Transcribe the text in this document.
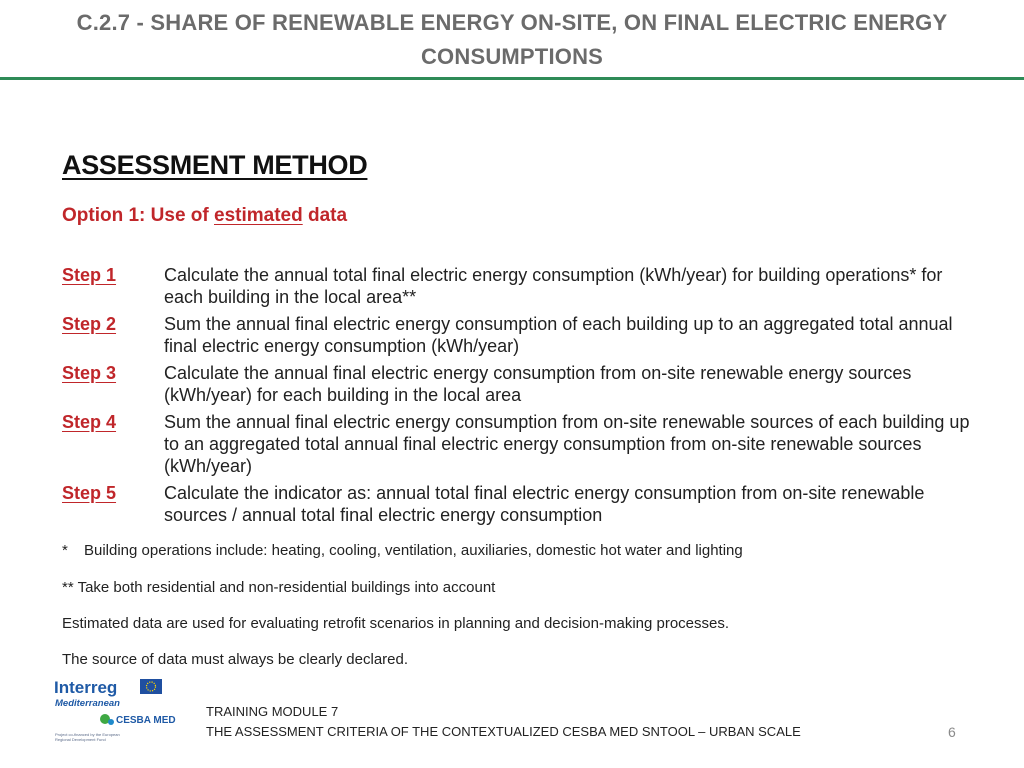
C.2.7 - SHARE OF RENEWABLE ENERGY ON-SITE, ON FINAL ELECTRIC ENERGY CONSUMPTIONS
ASSESSMENT METHOD
Option 1: Use of estimated data
Step 1	Calculate the annual total final electric energy consumption (kWh/year) for building operations* for each building in the local area**
Step 2	Sum the annual final electric energy consumption of each building up to an aggregated total annual final electric energy consumption (kWh/year)
Step 3	Calculate the annual final electric energy consumption from on-site renewable energy sources (kWh/year) for each building in the local area
Step 4	Sum the annual final electric energy consumption from on-site renewable sources of each building up to an aggregated total annual final electric energy consumption from on-site renewable sources (kWh/year)
Step 5	Calculate the indicator as: annual total final electric energy consumption from on-site renewable sources / annual total final electric energy consumption
* Building operations include: heating, cooling, ventilation, auxiliaries, domestic hot water and lighting
** Take both residential and non-residential buildings into account
Estimated data are used for evaluating retrofit scenarios in planning and decision-making processes.
The source of data must always be clearly declared.
Interreg
Mediterranean
CESBA MED
Project co-financed by the European
Regional Development Fund
TRAINING MODULE 7
THE ASSESSMENT CRITERIA OF THE CONTEXTUALIZED CESBA MED SNTOOL – URBAN SCALE	6
